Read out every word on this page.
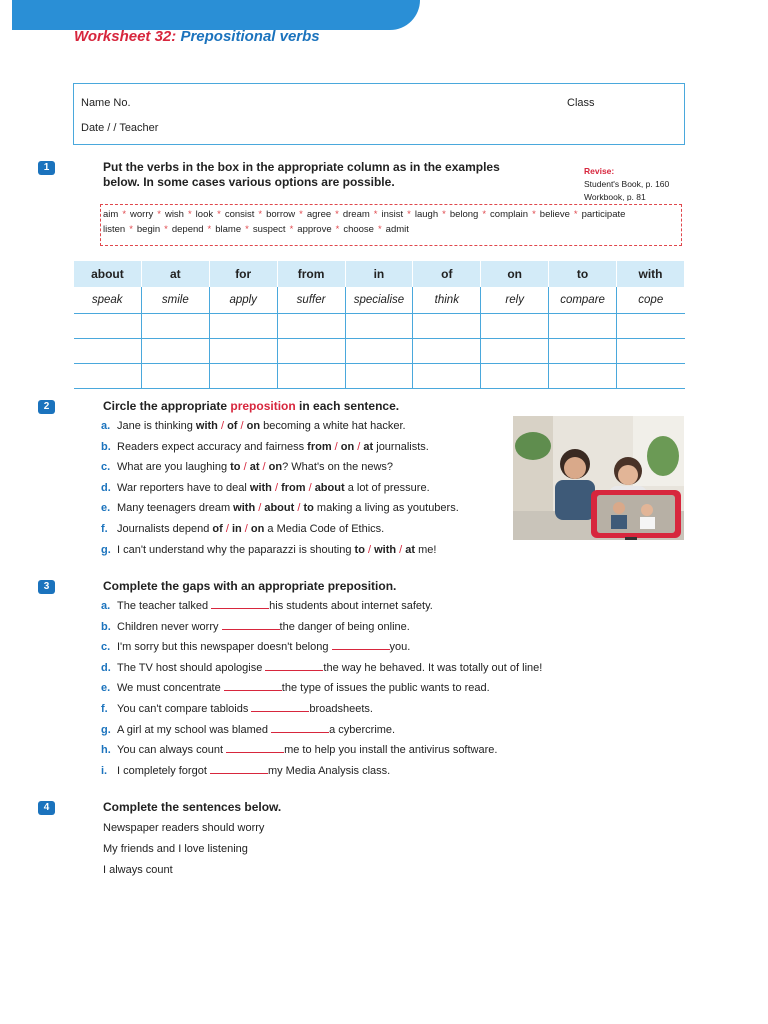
Worksheet 32: Prepositional verbs
Name No.	Class
Date / / Teacher
1	Put the verbs in the box in the appropriate column as in the examples
below. In some cases various options are possible.
Revise:
Student's Book, p. 160
Workbook, p. 81
aim * worry * wish * look * consist * borrow * agree * dream * insist * laugh * belong * complain * believe * participate
listen * begin * depend * blame * suspect * approve * choose * admit
about	at	for	from	in	of	on	to	with
speak	smile	apply	suffer	specialise	think	rely	compare	cope

2	Circle the appropriate preposition in each sentence.
a. Jane is thinking with / of / on becoming a white hat hacker.
b. Readers expect accuracy and fairness from / on / at journalists.
c. What are you laughing to / at / on? What's on the news?
d. War reporters have to deal with / from / about a lot of pressure.
e. Many teenagers dream with / about / to making a living as youtubers.
f. Journalists depend of / in / on a Media Code of Ethics.
g. I can't understand why the paparazzi is shouting to / with / at me!
3	Complete the gaps with an appropriate preposition.
a. The teacher talked	his students about internet safety.
b. Children never worry	the danger of being online.
c. I'm sorry but this newspaper doesn't belong	you.
d. The TV host should apologise	the way he behaved. It was totally out of line!
e. We must concentrate	the type of issues the public wants to read.
f. You can't compare tabloids	broadsheets.
g. A girl at my school was blamed	a cybercrime.
h. You can always count	me to help you install the antivirus software.
i. I completely forgot	my Media Analysis class.
4	Complete the sentences below.
Newspaper readers should worry
My friends and I love listening
I always count
